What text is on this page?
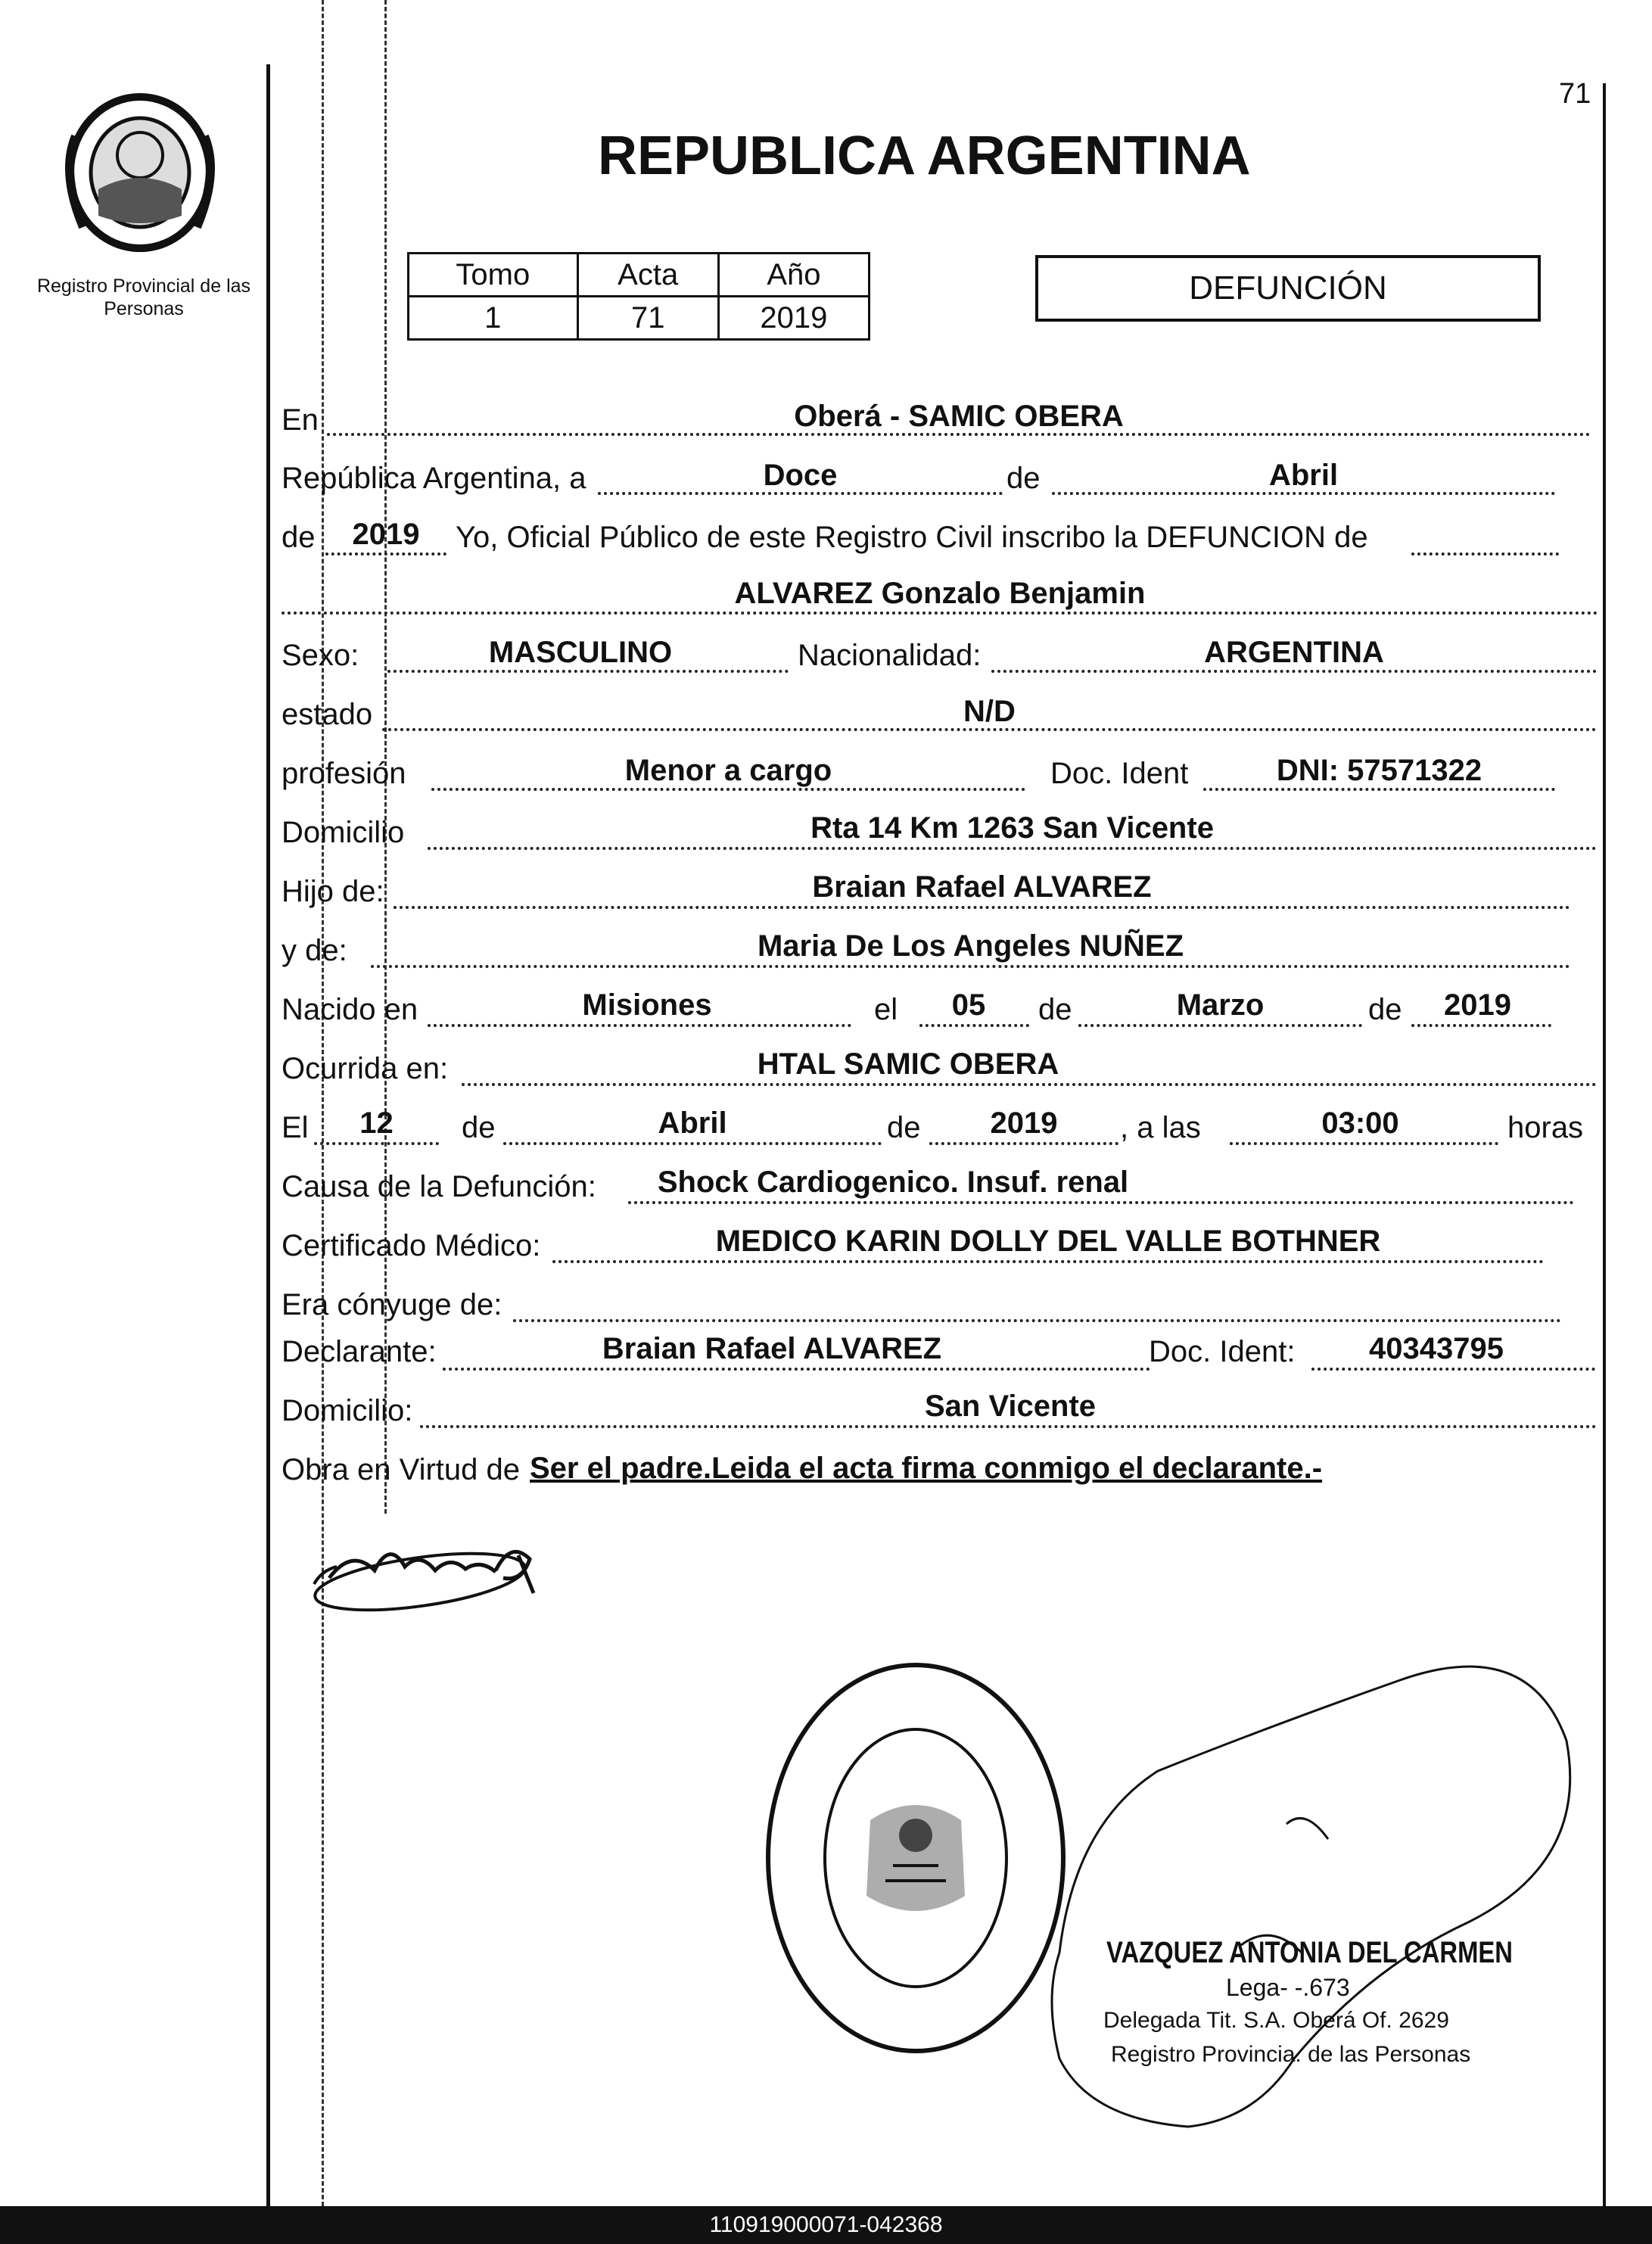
Registro Provincial de las Personas
71
REPUBLICA ARGENTINA
Tomo	Acta	Año
1	71	2019
DEFUNCIÓN
En	Oberá - SAMIC OBERA
República Argentina, a	Doce	de	Abril
de	2019	Yo, Oficial Público de este Registro Civil inscribo la DEFUNCION de
ALVAREZ Gonzalo Benjamin
Sexo:	MASCULINO	Nacionalidad:	ARGENTINA
estado	N/D
profesión	Menor a cargo	Doc. Ident	DNI: 57571322
Domicilio	Rta 14 Km 1263 San Vicente
Hijo de:	Braian Rafael ALVAREZ
y de:	Maria De Los Angeles NUÑEZ
Nacido en	Misiones	el	05	de	Marzo	de	2019
Ocurrida en:	HTAL SAMIC OBERA
El	12	de	Abril	de	2019	, a las	03:00	horas
Causa de la Defunción:	Shock Cardiogenico. Insuf. renal
Certificado Médico:	MEDICO KARIN DOLLY DEL VALLE BOTHNER
Era cónyuge de:
Declarante:	Braian Rafael ALVAREZ	Doc. Ident:	40343795
Domicilio:	San Vicente
Obra en Virtud de Ser el padre.Leida el acta firma conmigo el declarante.-
VAZQUEZ ANTONIA DEL CARMEN
Lega- -.673
Delegada Tit. S.A. Oberá Of. 2629
Registro Provincia. de las Personas
110919000071-042368
